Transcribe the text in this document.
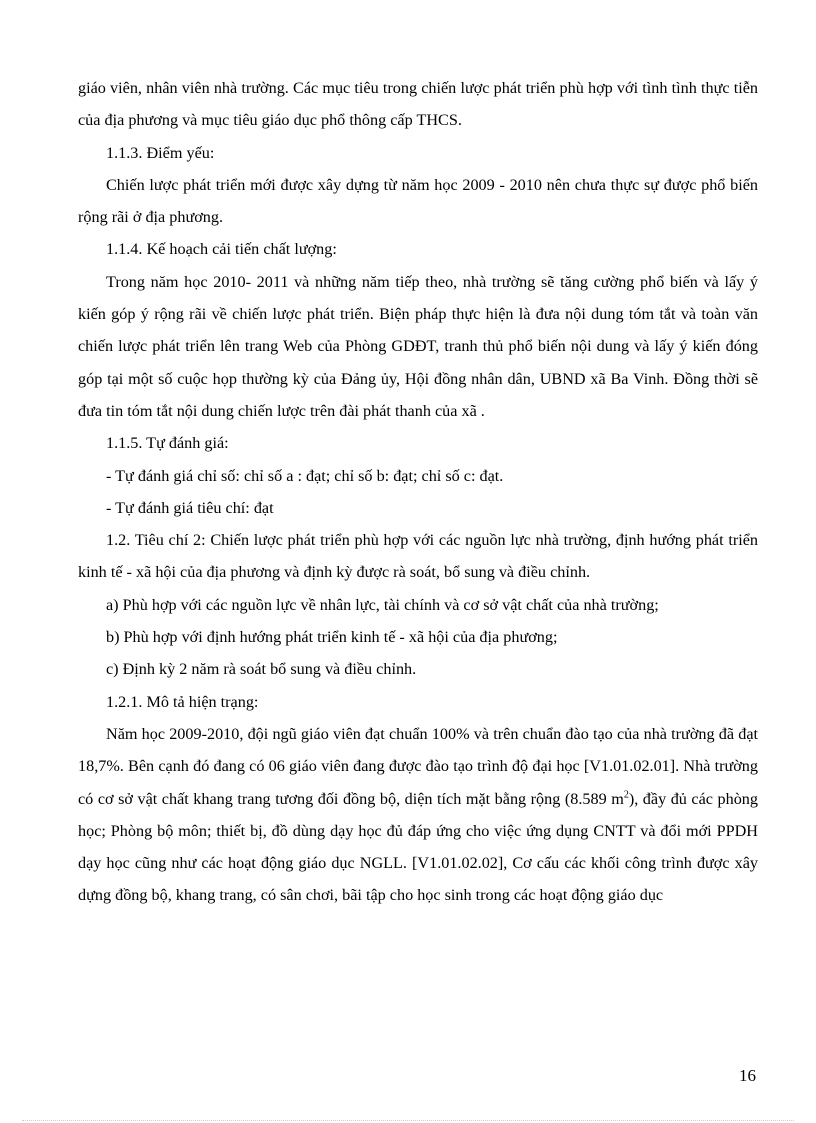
giáo viên, nhân viên nhà trường. Các mục tiêu trong chiến lược phát triển phù hợp với tình tình thực tiễn của địa phương và mục tiêu giáo dục phổ thông cấp THCS.

1.1.3. Điểm yếu:

Chiến lược phát triển mới được xây dựng từ năm học 2009 - 2010 nên chưa thực sự được phổ biến rộng rãi ở địa phương.

1.1.4. Kế hoạch cải tiến chất lượng:

Trong năm học 2010- 2011 và những năm tiếp theo, nhà trường sẽ tăng cường phổ biến và lấy ý kiến góp ý rộng rãi về chiến lược phát triển. Biện pháp thực hiện là đưa nội dung tóm tắt và toàn văn chiến lược phát triển lên trang Web của Phòng GDĐT, tranh thủ phổ biến nội dung và lấy ý kiến đóng góp tại một số cuộc họp thường kỳ của Đảng ủy, Hội đồng nhân dân, UBND xã Ba Vinh. Đồng thời sẽ đưa tin tóm tắt nội dung chiến lược trên đài phát thanh của xã .

1.1.5. Tự đánh giá:

- Tự đánh giá chỉ số: chỉ số a : đạt; chỉ số b: đạt; chỉ số c: đạt.

- Tự đánh giá tiêu chí: đạt

1.2. Tiêu chí 2: Chiến lược phát triển phù hợp với các nguồn lực nhà trường, định hướng phát triển kinh tế - xã hội của địa phương và định kỳ được rà soát, bổ sung và điều chỉnh.

a) Phù hợp với các nguồn lực về nhân lực, tài chính và cơ sở vật chất của nhà trường;

b) Phù hợp với định hướng phát triển kinh tế - xã hội của địa phương;

c) Định kỳ 2 năm rà soát bổ sung và điều chỉnh.

1.2.1. Mô tả hiện trạng:

Năm học 2009-2010, đội ngũ giáo viên đạt chuẩn 100% và trên chuẩn đào tạo của nhà trường đã đạt 18,7%. Bên cạnh đó đang có 06 giáo viên đang được đào tạo trình độ đại học [V1.01.02.01]. Nhà trường có cơ sở vật chất khang trang tương đối đồng bộ, diện tích mặt bằng rộng (8.589 $m^2$), đầy đủ các phòng học; Phòng bộ môn; thiết bị, đồ dùng dạy học đủ đáp ứng cho việc ứng dụng CNTT và đổi mới PPDH dạy học cũng như các hoạt động giáo dục NGLL. [V1.01.02.02], Cơ cấu các khối công trình được xây dựng đồng bộ, khang trang, có sân chơi, bãi tập cho học sinh trong các hoạt động giáo dục

16
